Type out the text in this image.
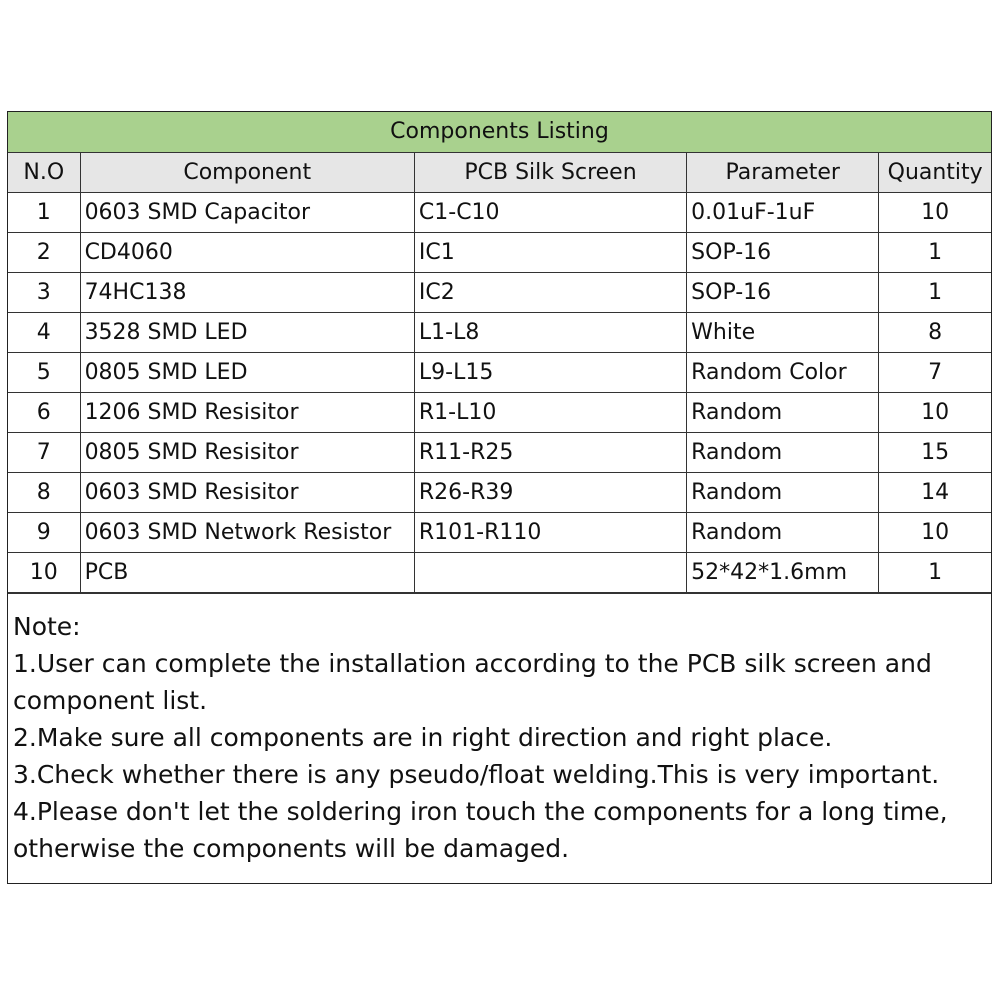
Components Listing				
N.O	Component	PCB Silk Screen	Parameter	Quantity
1	0603 SMD Capacitor	C1-C10	0.01uF-1uF	10
2	CD4060	IC1	SOP-16	1
3	74HC138	IC2	SOP-16	1
4	3528 SMD LED	L1-L8	White	8
5	0805 SMD LED	L9-L15	Random Color	7
6	1206 SMD Resisitor	R1-L10	Random	10
7	0805 SMD Resisitor	R11-R25	Random	15
8	0603 SMD Resisitor	R26-R39	Random	14
9	0603 SMD Network Resistor	R101-R110	Random	10
10	PCB		52*42*1.6mm	1

Note:

1.User can complete the installation according to the PCB silk screen and component list.

2.Make sure all components are in right direction and right place.

3.Check whether there is any pseudo/float welding.This is very important.

4.Please don't let the soldering iron touch the components for a long time, otherwise the components will be damaged.
